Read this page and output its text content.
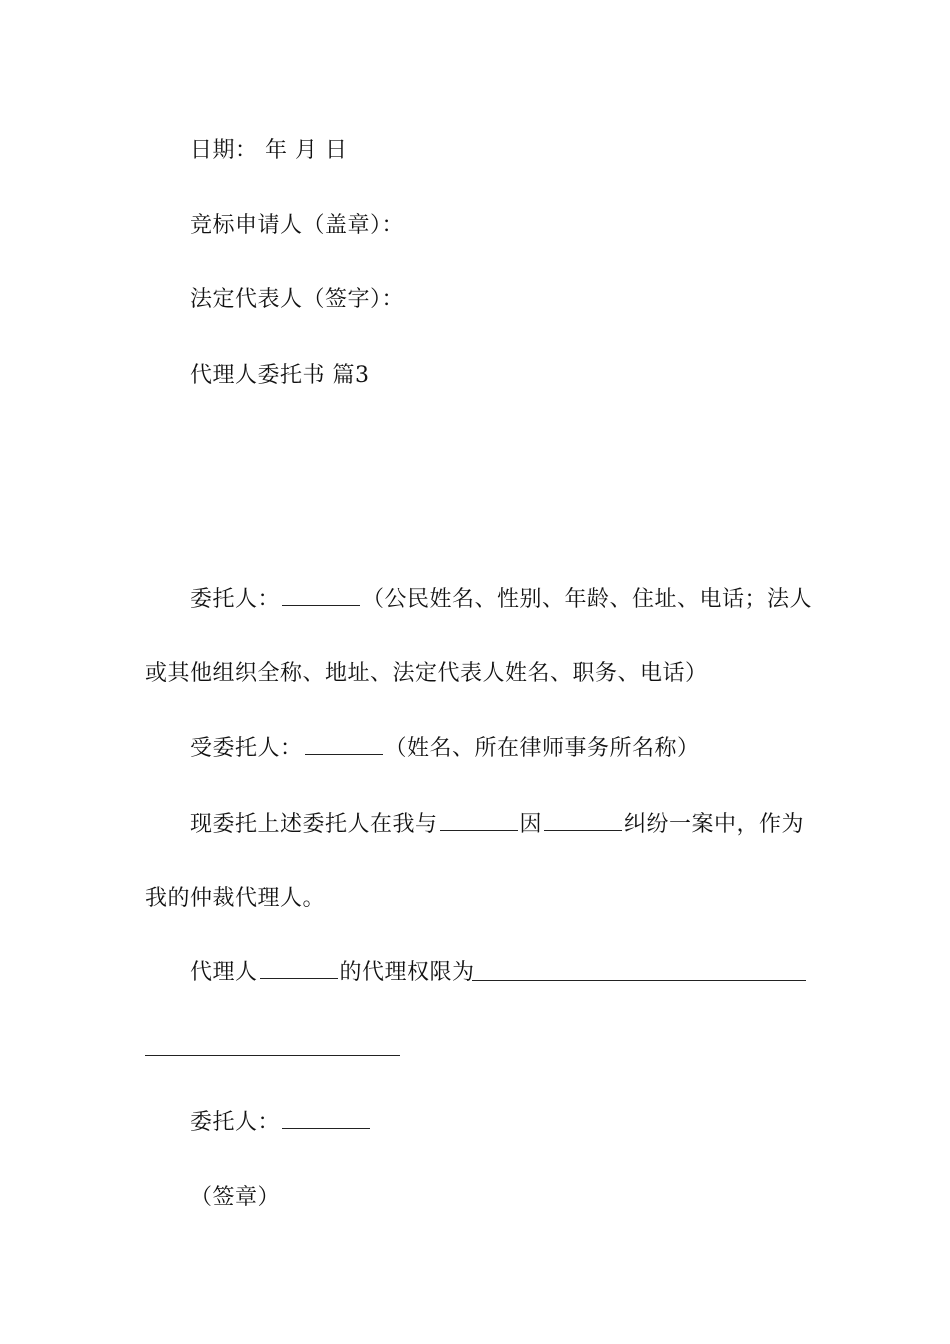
日期： 年 月 日
竞标申请人（盖章）：
法定代表人（签字）：
代理人委托书 篇3
委托人：	（公民姓名、性别、年龄、住址、电话；法人
或其他组织全称、地址、法定代表人姓名、职务、电话）
受委托人：	（姓名、所在律师事务所名称）
现委托上述委托人在我与	因	纠纷一案中，作为
我的仲裁代理人。
代理人	的代理权限为
委托人：
（签章）
